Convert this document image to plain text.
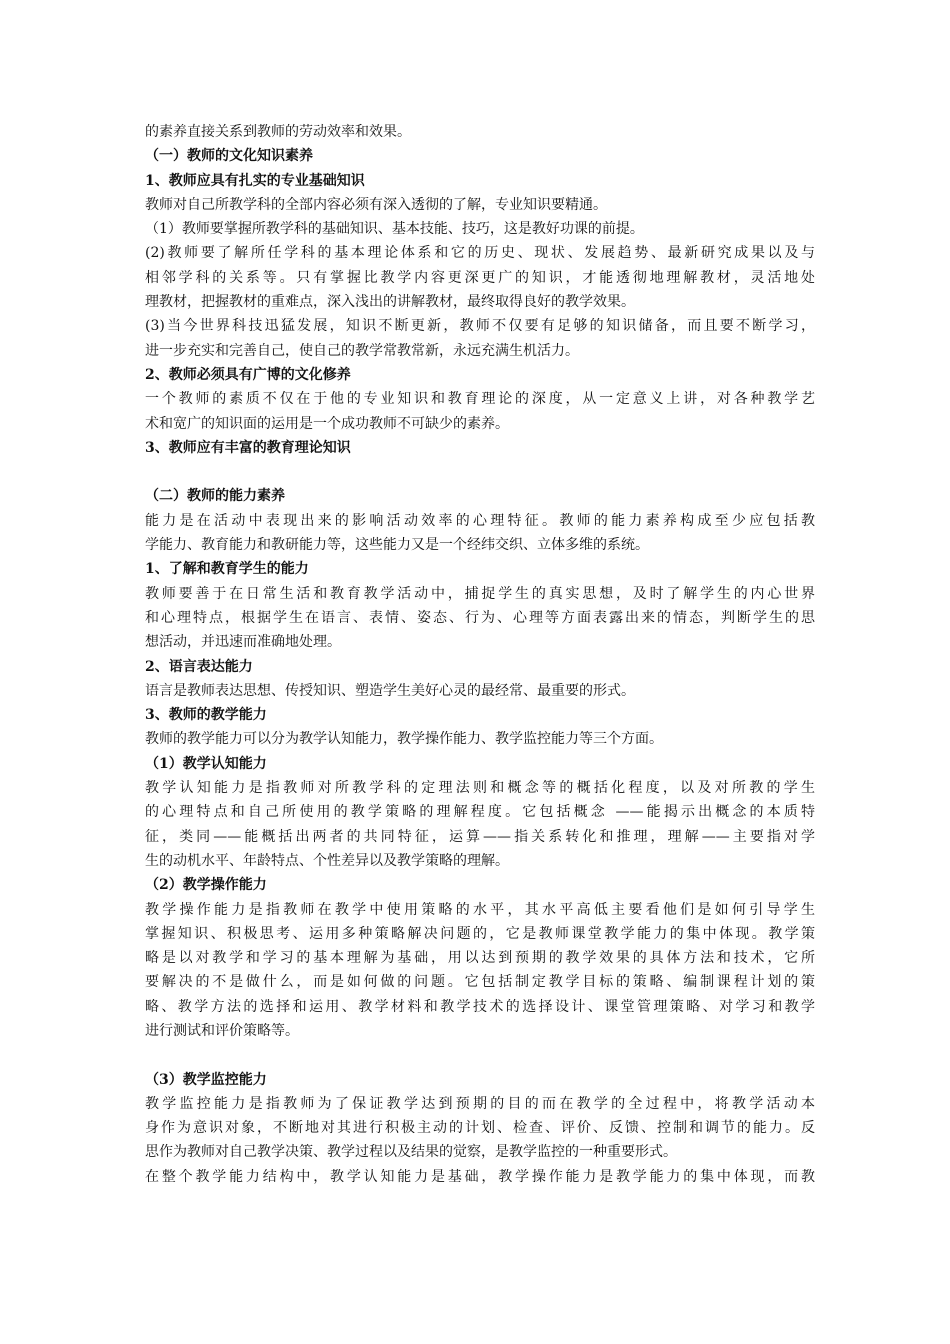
的素养直接关系到教师的劳动效率和效果。

（一）教师的文化知识素养

1、教师应具有扎实的专业基础知识

教师对自己所教学科的全部内容必须有深入透彻的了解，专业知识要精通。

（1）教师要掌握所教学科的基础知识、基本技能、技巧，这是教好功课的前提。

(2)教师要了解所任学科的基本理论体系和它的历史、现状、发展趋势、最新研究成果以及与

相邻学科的关系等。只有掌握比教学内容更深更广的知识，才能透彻地理解教材，灵活地处

理教材，把握教材的重难点，深入浅出的讲解教材，最终取得良好的教学效果。

(3)当今世界科技迅猛发展，知识不断更新，教师不仅要有足够的知识储备，而且要不断学习，

进一步充实和完善自己，使自己的教学常教常新，永远充满生机活力。

2、教师必须具有广博的文化修养

一个教师的素质不仅在于他的专业知识和教育理论的深度，从一定意义上讲，对各种教学艺

术和宽广的知识面的运用是一个成功教师不可缺少的素养。

3、教师应有丰富的教育理论知识

（二）教师的能力素养

能力是在活动中表现出来的影响活动效率的心理特征。教师的能力素养构成至少应包括教

学能力、教育能力和教研能力等，这些能力又是一个经纬交织、立体多维的系统。

1、了解和教育学生的能力

教师要善于在日常生活和教育教学活动中，捕捉学生的真实思想，及时了解学生的内心世界

和心理特点，根据学生在语言、表情、姿态、行为、心理等方面表露出来的情态，判断学生的思

想活动，并迅速而准确地处理。

2、语言表达能力

语言是教师表达思想、传授知识、塑造学生美好心灵的最经常、最重要的形式。

3、教师的教学能力

教师的教学能力可以分为教学认知能力，教学操作能力、教学监控能力等三个方面。

（1）教学认知能力

教学认知能力是指教师对所教学科的定理法则和概念等的概括化程度，以及对所教的学生

的心理特点和自己所使用的教学策略的理解程度。它包括概念 ——能揭示出概念的本质特

征，类同——能概括出两者的共同特征，运算——指关系转化和推理，理解——主要指对学

生的动机水平、年龄特点、个性差异以及教学策略的理解。

（2）教学操作能力

教学操作能力是指教师在教学中使用策略的水平，其水平高低主要看他们是如何引导学生

掌握知识、积极思考、运用多种策略解决问题的，它是教师课堂教学能力的集中体现。教学策

略是以对教学和学习的基本理解为基础，用以达到预期的教学效果的具体方法和技术，它所

要解决的不是做什么，而是如何做的问题。它包括制定教学目标的策略、编制课程计划的策

略、教学方法的选择和运用、教学材料和教学技术的选择设计、课堂管理策略、对学习和教学

进行测试和评价策略等。

（3）教学监控能力

教学监控能力是指教师为了保证教学达到预期的目的而在教学的全过程中，将教学活动本

身作为意识对象，不断地对其进行积极主动的计划、检查、评价、反馈、控制和调节的能力。反

思作为教师对自己教学决策、教学过程以及结果的觉察，是教学监控的一种重要形式。

在整个教学能力结构中，教学认知能力是基础，教学操作能力是教学能力的集中体现，而教
